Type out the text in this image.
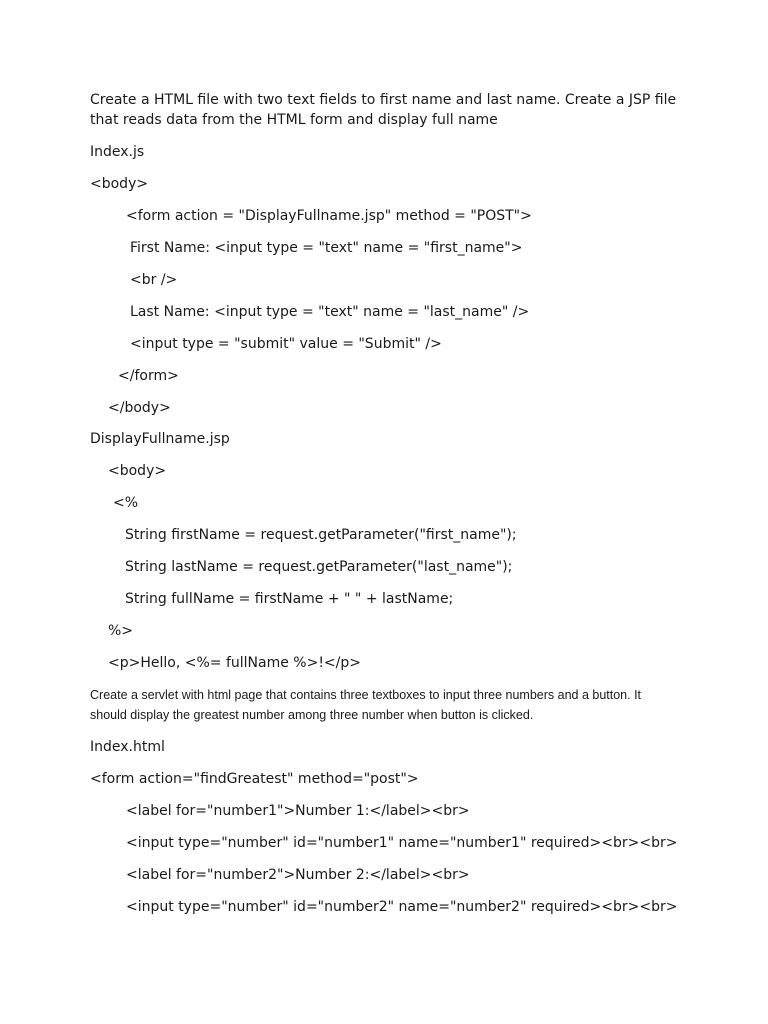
Create a HTML file with two text fields to first name and last name. Create a JSP file

that reads data from the HTML form and display full name

Index.js

<body>

<form action = "DisplayFullname.jsp" method = "POST">

First Name: <input type = "text" name = "first_name">

<br />

Last Name: <input type = "text" name = "last_name" />

<input type = "submit" value = "Submit" />

</form>

</body>

DisplayFullname.jsp

<body>

<%

String firstName = request.getParameter("first_name");

String lastName = request.getParameter("last_name");

String fullName = firstName + " " + lastName;

%>

<p>Hello, <%= fullName %>!</p>

Create a servlet with html page that contains three textboxes to input three numbers and a button. It

should display the greatest number among three number when button is clicked.

Index.html

<form action="findGreatest" method="post">

<label for="number1">Number 1:</label><br>

<input type="number" id="number1" name="number1" required><br><br>

<label for="number2">Number 2:</label><br>

<input type="number" id="number2" name="number2" required><br><br>
